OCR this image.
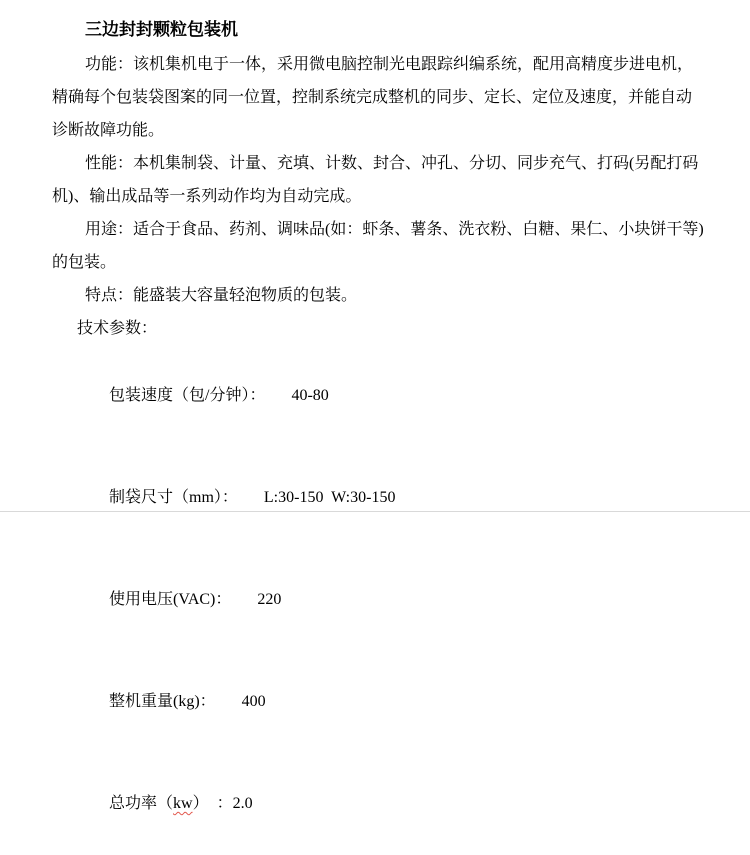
三边封封颗粒包装机

功能：该机集机电于一体，采用微电脑控制光电跟踪纠编系统，配用高精度步进电机，
精确每个包装袋图案的同一位置，控制系统完成整机的同步、定长、定位及速度，并能自动
诊断故障功能。

性能：本机集制袋、计量、充填、计数、封合、冲孔、分切、同步充气、打码(另配打码
机)、输出成品等一系列动作均为自动完成。

用途：适合于食品、药剂、调味品(如：虾条、薯条、洗衣粉、白糖、果仁、小块饼干等)
的包装。

特点：能盛装大容量轻泡物质的包装。

技术参数：

包装速度（包/分钟）： 40-80

制袋尺寸（mm）： L:30-150  W:30-150

使用电压(VAC)： 220

整机重量(kg)： 400

总功率（kw） ：2.0
